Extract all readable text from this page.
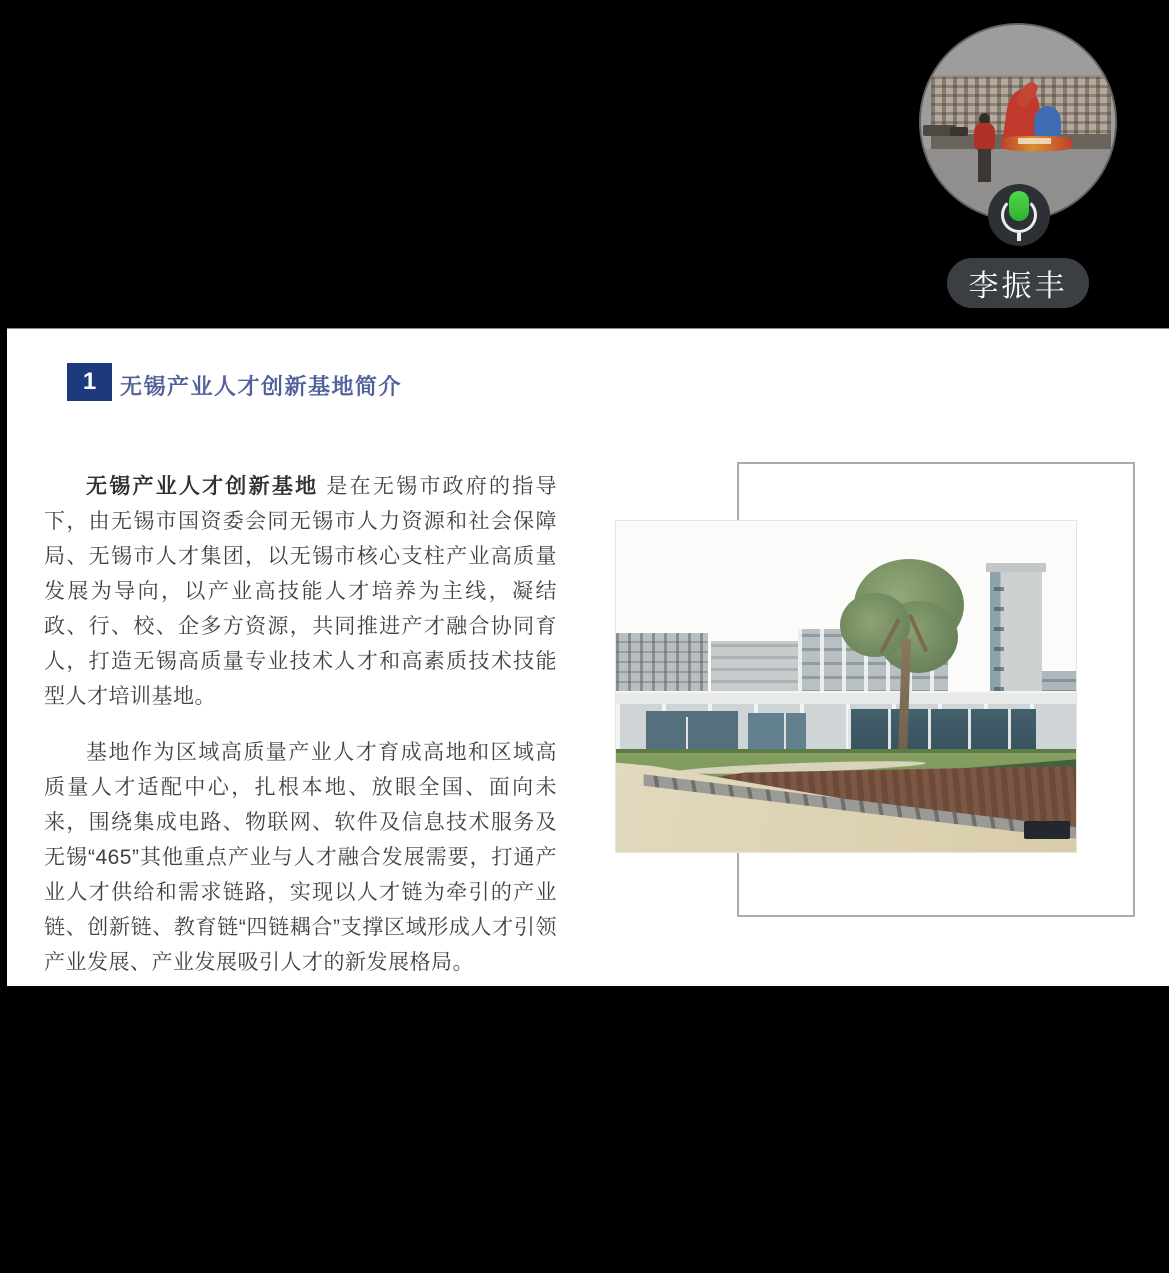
李振丰
1	无锡产业人才创新基地简介

无锡产业人才创新基地 是在无锡市政府的指导下，由无锡市国资委会同无锡市人力资源和社会保障局、无锡市人才集团，以无锡市核心支柱产业高质量发展为导向，以产业高技能人才培养为主线，凝结政、行、校、企多方资源，共同推进产才融合协同育人，打造无锡高质量专业技术人才和高素质技术技能型人才培训基地。

基地作为区域高质量产业人才育成高地和区域高质量人才适配中心，扎根本地、放眼全国、面向未来，围绕集成电路、物联网、软件及信息技术服务及无锡“465”其他重点产业与人才融合发展需要，打通产业人才供给和需求链路，实现以人才链为牵引的产业链、创新链、教育链“四链耦合”支撑区域形成人才引领产业发展、产业发展吸引人才的新发展格局。
